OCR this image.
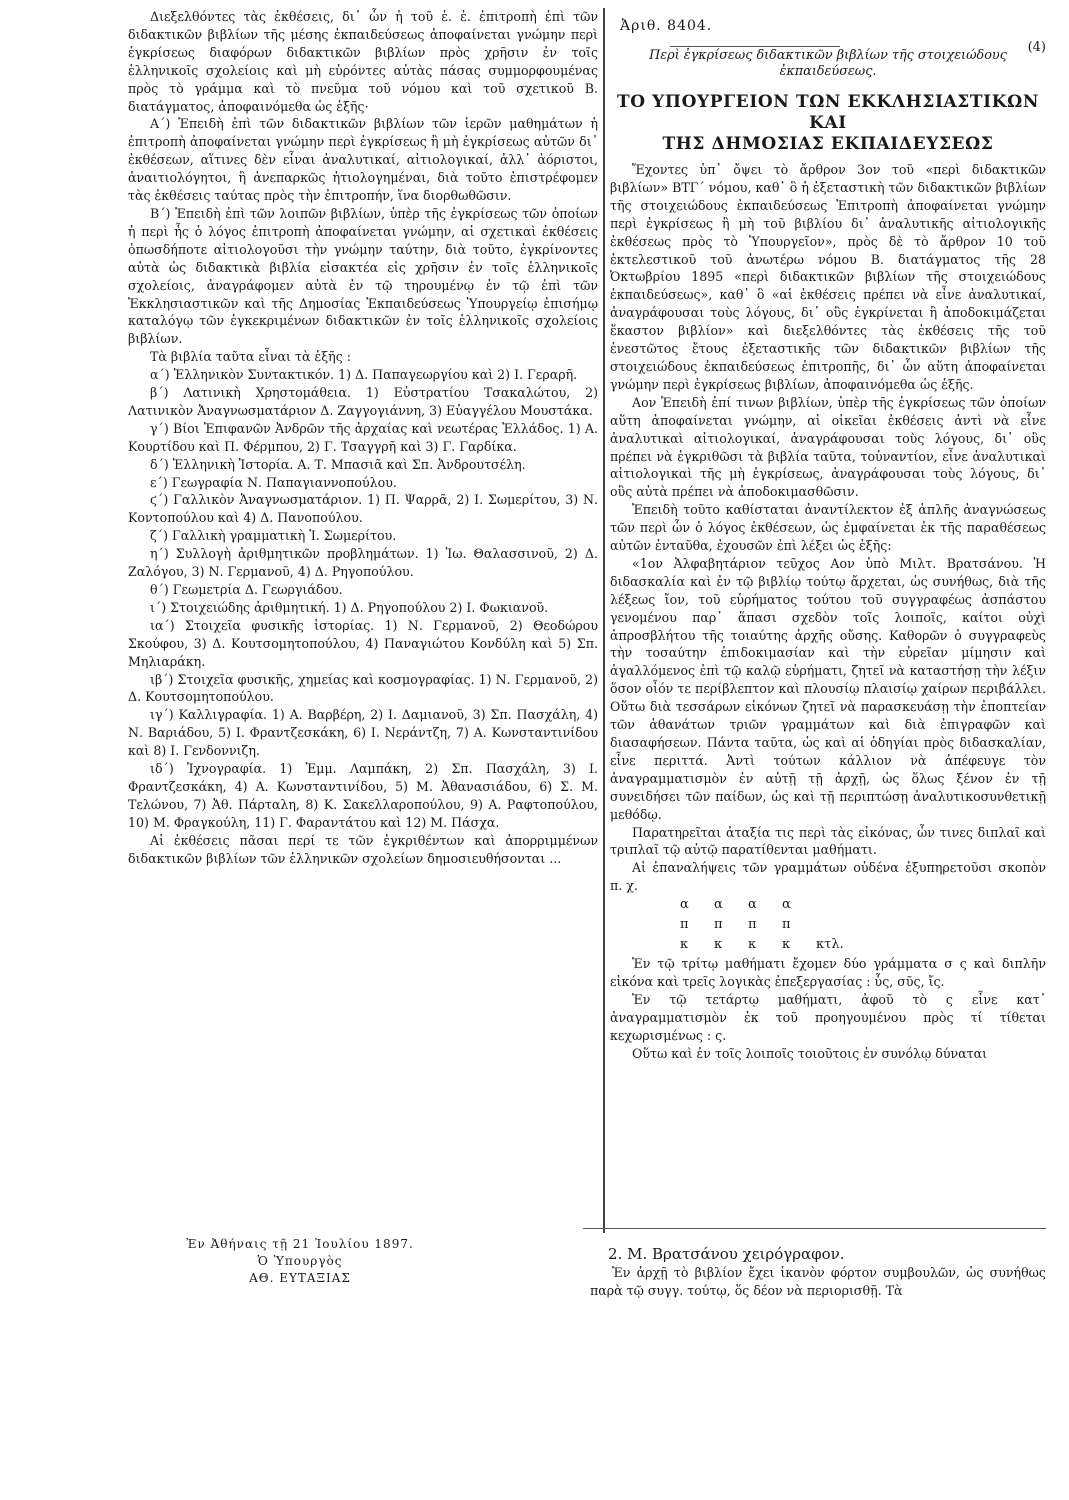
Διεξελθόντες τὰς ἐκθέσεις, δι᾽ ὧν ἡ τοῦ ἑ. ἑ. ἐπιτροπὴ ἐπὶ τῶν διδακτικῶν βιβλίων τῆς μέσης ἐκπαιδεύσεως ἀποφαίνεται γνώμην περὶ ἐγκρίσεως διαφόρων διδακτικῶν βιβλίων πρὸς χρῆσιν ἐν τοῖς ἑλληνικοῖς σχολείοις καὶ μὴ εὑρόντες αὐτὰς πάσας συμμορφουμένας πρὸς τὸ γράμμα καὶ τὸ πνεῦμα τοῦ νόμου καὶ τοῦ σχετικοῦ Β. διατάγματος, ἀποφαινόμεθα ὡς ἑξῆς·
Α΄) Ἐπειδὴ ἐπὶ τῶν διδακτικῶν βιβλίων τῶν ἱερῶν μαθημάτων ἡ ἐπιτροπὴ ἀποφαίνεται γνώμην περὶ ἐγκρίσεως ἢ μὴ ἐγκρίσεως αὐτῶν δι᾽ ἐκθέσεων, αἵτινες δὲν εἶναι ἀναλυτικαί, αἰτιολογικαί, ἀλλ᾽ ἀόριστοι, ἀναιτιολόγητοι, ἢ ἀνεπαρκῶς ἠτιολογημέναι, διὰ τοῦτο ἐπιστρέφομεν τὰς ἐκθέσεις ταύτας πρὸς τὴν ἐπιτροπήν, ἵνα διορθωθῶσιν.
Β΄) Ἐπειδὴ ἐπὶ τῶν λοιπῶν βιβλίων, ὑπὲρ τῆς ἐγκρίσεως τῶν ὁποίων ἡ περὶ ἧς ὁ λόγος ἐπιτροπὴ ἀποφαίνεται γνώμην, αἱ σχετικαὶ ἐκθέσεις ὁπωσδήποτε αἰτιολογοῦσι τὴν γνώμην ταύτην, διὰ τοῦτο, ἐγκρίνοντες αὐτὰ ὡς διδακτικὰ βιβλία εἰσακτέα εἰς χρῆσιν ἐν τοῖς ἑλληνικοῖς σχολείοις, ἀναγράφομεν αὐτὰ ἐν τῷ τηρουμένῳ ἐν τῷ ἐπὶ τῶν Ἐκκλησιαστικῶν καὶ τῆς Δημοσίας Ἐκπαιδεύσεως Ὑπουργείῳ ἐπισήμῳ καταλόγῳ τῶν ἐγκεκριμένων διδακτικῶν ἐν τοῖς ἑλληνικοῖς σχολείοις βιβλίων.
Τὰ βιβλία ταῦτα εἶναι τὰ ἑξῆς :
α΄) Ἑλληνικὸν Συντακτικόν. 1) Δ. Παπαγεωργίου καὶ 2) Ι. Γεραρῆ.
β΄) Λατινικὴ Χρηστομάθεια. 1) Εὐστρατίου Τσακαλώτου, 2) Λατινικὸν Ἀναγνωσματάριον Δ. Ζαγγογιάννη, 3) Εὐαγγέλου Μουστάκα.
γ΄) Βίοι Ἐπιφανῶν Ἀνδρῶν τῆς ἀρχαίας καὶ νεωτέρας Ἑλλάδος. 1) Α. Κουρτίδου καὶ Π. Φέρμπου, 2) Γ. Τσαγγρῆ καὶ 3) Γ. Γαρδίκα.
δ΄) Ἑλληνικὴ Ἱστορία. Α. Τ. Μπασιᾶ καὶ Σπ. Ἀνδρουτσέλη.
ε΄) Γεωγραφία Ν. Παπαγιαννοπούλου.
ϛ΄) Γαλλικὸν Ἀναγνωσματάριον. 1) Π. Ψαρρᾶ, 2) Ι. Σωμερίτου, 3) Ν. Κοντοπούλου καὶ 4) Δ. Πανοπούλου.
ζ΄) Γαλλικὴ γραμματικὴ Ἰ. Σωμερίτου.
η΄) Συλλογὴ ἀριθμητικῶν προβλημάτων. 1) Ἰω. Θαλασσινοῦ, 2) Δ. Ζαλόγου, 3) Ν. Γερμανοῦ, 4) Δ. Ρηγοπούλου.
θ΄) Γεωμετρία Δ. Γεωργιάδου.
ι΄) Στοιχειώδης ἀριθμητική. 1) Δ. Ρηγοπούλου 2) Ι. Φωκιανοῦ.
ια΄) Στοιχεῖα φυσικῆς ἱστορίας. 1) Ν. Γερμανοῦ, 2) Θεοδώρου Σκούφου, 3) Δ. Κουτσομητοπούλου, 4) Παναγιώτου Κονδύλη καὶ 5) Σπ. Μηλιαράκη.
ιβ΄) Στοιχεῖα φυσικῆς, χημείας καὶ κοσμογραφίας. 1) Ν. Γερμανοῦ, 2) Δ. Κουτσομητοπούλου.
ιγ΄) Καλλιγραφία. 1) Α. Βαρβέρη, 2) Ι. Δαμιανοῦ, 3) Σπ. Πασχάλη, 4) Ν. Βαριάδου, 5) Ι. Φραντζεσκάκη, 6) Ι. Νεράντζη, 7) Α. Κωνσταντινίδου καὶ 8) Ι. Γενδοννιζη.
ιδ΄) Ἰχνογραφία. 1) Ἐμμ. Λαμπάκη, 2) Σπ. Πασχάλη, 3) Ι. Φραντζεσκάκη, 4) Α. Κωνσταντινίδου, 5) Μ. Ἀθανασιάδου, 6) Σ. Μ. Τελώνου, 7) Ἀθ. Πάρταλη, 8) Κ. Σακελλαροπούλου, 9) Α. Ραφτοπούλου, 10) Μ. Φραγκούλη, 11) Γ. Φαραντάτου καὶ 12) Μ. Πάσχα.
Αἱ ἐκθέσεις πᾶσαι περί τε τῶν ἐγκριθέντων καὶ ἀπορριμμένων διδακτικῶν βιβλίων τῶν ἑλληνικῶν σχολείων δημοσιευθήσονται ...
Ἐν Ἀθήναις τῇ 21 Ἰουλίου 1897.
Ὁ Ὑπουργὸς
ΑΘ. ΕΥΤΑΞΙΑΣ
Ἀριθ. 8404.
(4)
Περὶ ἐγκρίσεως διδακτικῶν βιβλίων τῆς στοιχειώδους ἐκπαιδεύσεως.
ΤΟ ΥΠΟΥΡΓΕΙΟΝ ΤΩΝ ΕΚΚΛΗΣΙΑΣΤΙΚΩΝ ΚΑΙ
ΤΗΣ ΔΗΜΟΣΙΑΣ ΕΚΠΑΙΔΕΥΣΕΩΣ
Ἔχοντες ὑπ᾽ ὄψει τὸ ἄρθρον 3ον τοῦ «περὶ διδακτικῶν βιβλίων» ΒΤΓ΄ νόμου, καθ᾽ ὃ ἡ ἐξεταστικὴ τῶν διδακτικῶν βιβλίων τῆς στοιχειώδους ἐκπαιδεύσεως Ἐπιτροπὴ ἀποφαίνεται γνώμην περὶ ἐγκρίσεως ἢ μὴ τοῦ βιβλίου δι᾽ ἀναλυτικῆς αἰτιολογικῆς ἐκθέσεως πρὸς τὸ Ὑπουργεῖον», πρὸς δὲ τὸ ἄρθρον 10 τοῦ ἐκτελεστικοῦ τοῦ ἀνωτέρω νόμου Β. διατάγματος τῆς 28 Ὀκτωβρίου 1895 «περὶ διδακτικῶν βιβλίων τῆς στοιχειώδους ἐκπαιδεύσεως», καθ᾽ ὃ «αἱ ἐκθέσεις πρέπει νὰ εἶνε ἀναλυτικαί, ἀναγράφουσαι τοὺς λόγους, δι᾽ οὓς ἐγκρίνεται ἢ ἀποδοκιμάζεται ἕκαστον βιβλίον» καὶ διεξελθόντες τὰς ἐκθέσεις τῆς τοῦ ἐνεστῶτος ἔτους ἐξεταστικῆς τῶν διδακτικῶν βιβλίων τῆς στοιχειώδους ἐκπαιδεύσεως ἐπιτροπῆς, δι᾽ ὧν αὕτη ἀποφαίνεται γνώμην περὶ ἐγκρίσεως βιβλίων, ἀποφαινόμεθα ὡς ἑξῆς.
Αον Ἐπειδὴ ἐπί τινων βιβλίων, ὑπὲρ τῆς ἐγκρίσεως τῶν ὁποίων αὕτη ἀποφαίνεται γνώμην, αἱ οἰκεῖαι ἐκθέσεις ἀντὶ νὰ εἶνε ἀναλυτικαὶ αἰτιολογικαί, ἀναγράφουσαι τοὺς λόγους, δι᾽ οὓς πρέπει νὰ ἐγκριθῶσι τὰ βιβλία ταῦτα, τοὐναντίον, εἶνε ἀναλυτικαὶ αἰτιολογικαὶ τῆς μὴ ἐγκρίσεως, ἀναγράφουσαι τοὺς λόγους, δι᾽ οὓς αὐτὰ πρέπει νὰ ἀποδοκιμασθῶσιν.
Ἐπειδὴ τοῦτο καθίσταται ἀναντίλεκτον ἐξ ἁπλῆς ἀναγνώσεως τῶν περὶ ὧν ὁ λόγος ἐκθέσεων, ὡς ἐμφαίνεται ἐκ τῆς παραθέσεως αὐτῶν ἐνταῦθα, ἐχουσῶν ἐπὶ λέξει ὡς ἑξῆς:
«1ον Ἀλφαβητάριον τεῦχος Αον ὑπὸ Μιλτ. Βρατσάνου. Ἡ διδασκαλία καὶ ἐν τῷ βιβλίῳ τούτῳ ἄρχεται, ὡς συνήθως, διὰ τῆς λέξεως ἴον, τοῦ εὑρήματος τούτου τοῦ συγγραφέως ἀσπάστου γενομένου παρ᾽ ἅπασι σχεδὸν τοῖς λοιποῖς, καίτοι οὐχὶ ἀπροσβλήτου τῆς τοιαύτης ἀρχῆς οὔσης. Καθορῶν ὁ συγγραφεὺς τὴν τοσαύτην ἐπιδοκιμασίαν καὶ τὴν εὐρεῖαν μίμησιν καὶ ἀγαλλόμενος ἐπὶ τῷ καλῷ εὑρήματι, ζητεῖ νὰ καταστήσῃ τὴν λέξιν ὅσον οἷόν τε περίβλεπτον καὶ πλουσίῳ πλαισίῳ χαίρων περιβάλλει. Οὕτω διὰ τεσσάρων εἰκόνων ζητεῖ νὰ παρασκευάσῃ τὴν ἐποπτείαν τῶν ἀθανάτων τριῶν γραμμάτων καὶ διὰ ἐπιγραφῶν καὶ διασαφήσεων. Πάντα ταῦτα, ὡς καὶ αἱ ὁδηγίαι πρὸς διδασκαλίαν, εἶνε περιττά. Ἀντὶ τούτων κάλλιον νὰ ἀπέφευγε τὸν ἀναγραμματισμὸν ἐν αὐτῇ τῇ ἀρχῇ, ὡς ὅλως ξένον ἐν τῇ συνειδήσει τῶν παίδων, ὡς καὶ τῇ περιπτώσῃ ἀναλυτικοσυνθετικῇ μεθόδῳ.
Παρατηρεῖται ἀταξία τις περὶ τὰς εἰκόνας, ὧν τινες διπλαῖ καὶ τριπλαῖ τῷ αὐτῷ παρατίθενται μαθήματι.
Αἱ ἐπαναλήψεις τῶν γραμμάτων οὐδένα ἐξυπηρετοῦσι σκοπὸν π. χ.
α α α α
π π π π
κ κ κ κ κτλ.
Ἐν τῷ τρίτῳ μαθήματι ἔχομεν δύο γράμματα σ ς καὶ διπλῆν εἰκόνα καὶ τρεῖς λογικὰς ἐπεξεργασίας : ὗς, σῦς, ἴς.
Ἐν τῷ τετάρτῳ μαθήματι, ἀφοῦ τὸ ς εἶνε κατ᾽ ἀναγραμματισμὸν ἐκ τοῦ προηγουμένου πρὸς τί τίθεται κεχωρισμένως : ς.
Οὕτω καὶ ἐν τοῖς λοιποῖς τοιοῦτοις ἐν συνόλῳ δύναται
2. Μ. Βρατσάνου χειρόγραφον.
Ἐν ἀρχῇ τὸ βιβλίον ἔχει ἱκανὸν φόρτον συμβουλῶν, ὡς συνήθως παρὰ τῷ συγγ. τούτῳ, ὅς δέον νὰ περιορισθῇ. Τὰ
